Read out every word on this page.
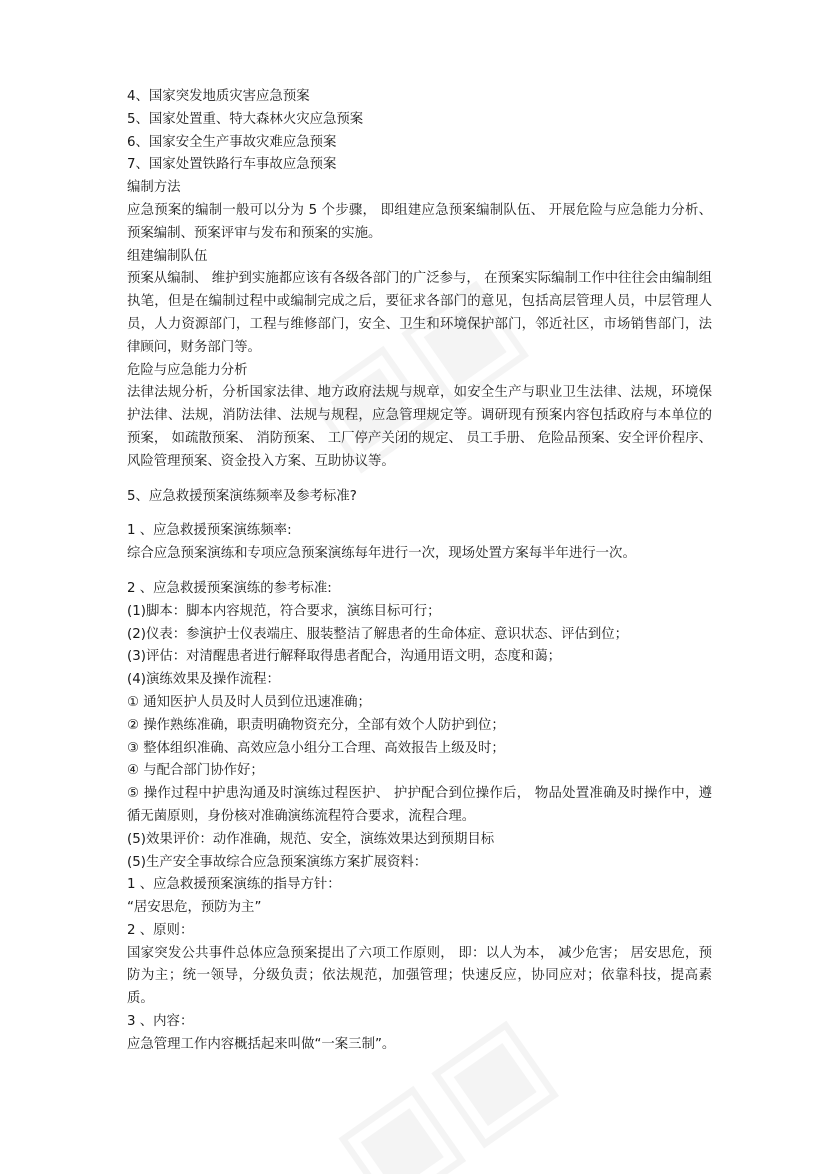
4、国家突发地质灾害应急预案
5、国家处置重、特大森林火灾应急预案
6、国家安全生产事故灾难应急预案
7、国家处置铁路行车事故应急预案
编制方法
应急预案的编制一般可以分为 5 个步骤， 即组建应急预案编制队伍、 开展危险与应急能力分析、预案编制、预案评审与发布和预案的实施。
组建编制队伍
预案从编制、 维护到实施都应该有各级各部门的广泛参与， 在预案实际编制工作中往往会由编制组执笔，但是在编制过程中或编制完成之后，要征求各部门的意见，包括高层管理人员，中层管理人员，人力资源部门，工程与维修部门，安全、卫生和环境保护部门，邻近社区，市场销售部门，法律顾问，财务部门等。
危险与应急能力分析
法律法规分析，分析国家法律、地方政府法规与规章，如安全生产与职业卫生法律、法规，环境保护法律、法规，消防法律、法规与规程，应急管理规定等。调研现有预案内容包括政府与本单位的预案， 如疏散预案、 消防预案、 工厂停产关闭的规定、 员工手册、 危险品预案、安全评价程序、风险管理预案、资金投入方案、互助协议等。
5、应急救援预案演练频率及参考标准?
1 、应急救援预案演练频率:
综合应急预案演练和专项应急预案演练每年进行一次，现场处置方案每半年进行一次。
2 、应急救援预案演练的参考标准:
(1)脚本：脚本内容规范，符合要求，演练目标可行；
(2)仪表：参演护士仪表端庄、服装整洁了解患者的生命体症、意识状态、评估到位；
(3)评估：对清醒患者进行解释取得患者配合，沟通用语文明，态度和蔼；
(4)演练效果及操作流程：
① 通知医护人员及时人员到位迅速准确；
② 操作熟练准确，职责明确物资充分，全部有效个人防护到位；
③ 整体组织准确、高效应急小组分工合理、高效报告上级及时；
④ 与配合部门协作好；
⑤ 操作过程中护患沟通及时演练过程医护、 护护配合到位操作后， 物品处置准确及时操作中，遵循无菌原则，身份核对准确演练流程符合要求，流程合理。
(5)效果评价：动作准确，规范、安全，演练效果达到预期目标
(5)生产安全事故综合应急预案演练方案扩展资料：
1 、应急救援预案演练的指导方针：
“居安思危，预防为主”
2 、原则：
国家突发公共事件总体应急预案提出了六项工作原则， 即：以人为本， 减少危害； 居安思危，预防为主；统一领导，分级负责；依法规范，加强管理；快速反应，协同应对；依靠科技，提高素质。
3 、内容：
应急管理工作内容概括起来叫做“一案三制”。
